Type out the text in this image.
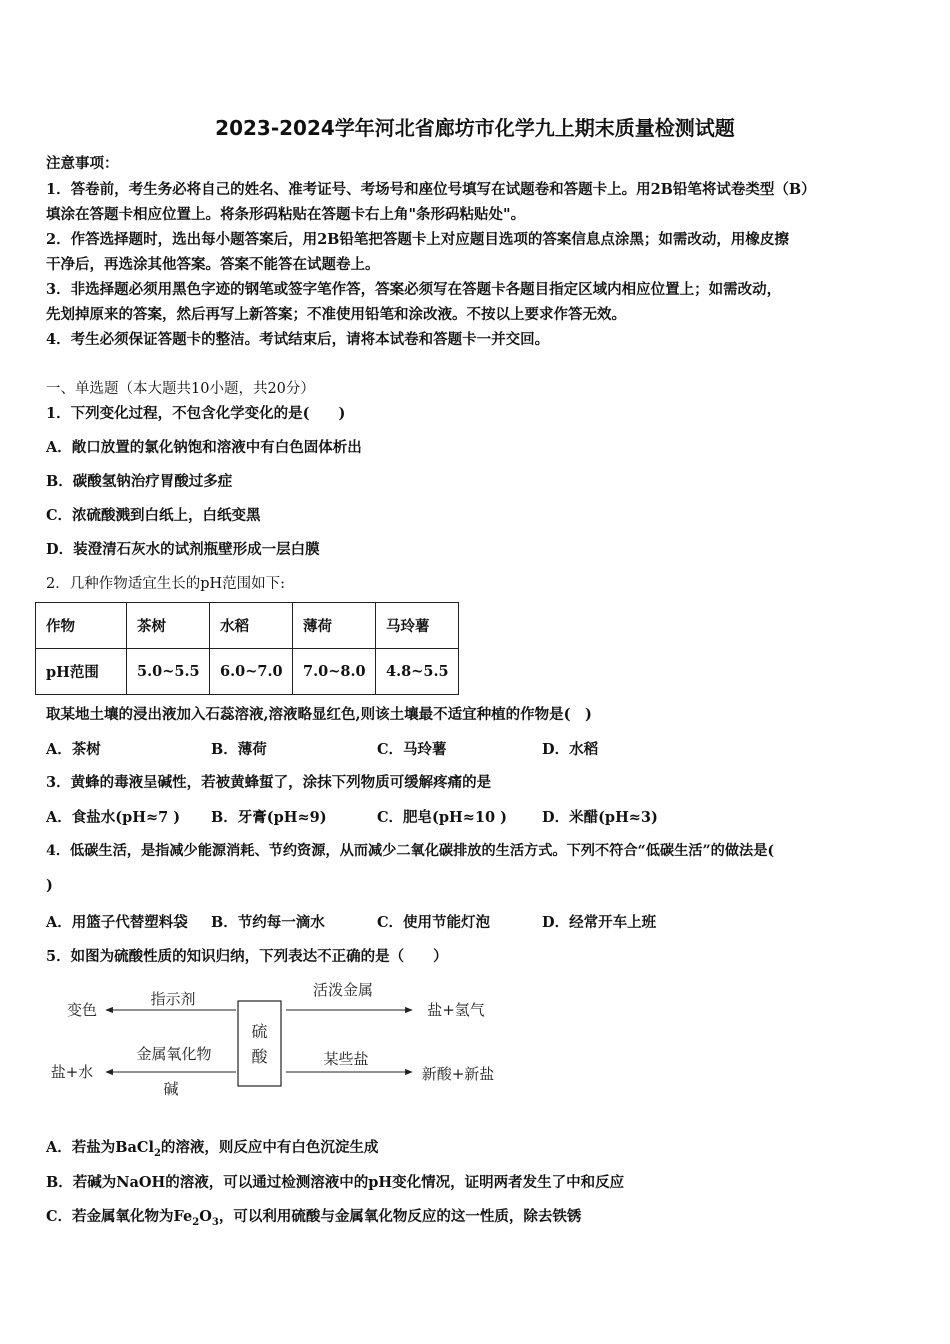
2023-2024学年河北省廊坊市化学九上期末质量检测试题
注意事项：
1．答卷前，考生务必将自己的姓名、准考证号、考场号和座位号填写在试题卷和答题卡上。用2B铅笔将试卷类型（B）
填涂在答题卡相应位置上。将条形码粘贴在答题卡右上角"条形码粘贴处"。
2．作答选择题时，选出每小题答案后，用2B铅笔把答题卡上对应题目选项的答案信息点涂黑；如需改动，用橡皮擦
干净后，再选涂其他答案。答案不能答在试题卷上。
3．非选择题必须用黑色字迹的钢笔或签字笔作答，答案必须写在答题卡各题目指定区域内相应位置上；如需改动，
先划掉原来的答案，然后再写上新答案；不准使用铅笔和涂改液。不按以上要求作答无效。
4．考生必须保证答题卡的整洁。考试结束后，请将本试卷和答题卡一并交回。
一、单选题（本大题共10小题，共20分）
1．下列变化过程，不包含化学变化的是(　　)
A．敞口放置的氯化钠饱和溶液中有白色固体析出
B．碳酸氢钠治疗胃酸过多症
C．浓硫酸溅到白纸上，白纸变黑
D．装澄清石灰水的试剂瓶壁形成一层白膜
2．几种作物适宜生长的pH范围如下:
作物	茶树	水稻	薄荷	马玲薯
pH范围	5.0~5.5	6.0~7.0	7.0~8.0	4.8~5.5
取某地土壤的浸出液加入石蕊溶液,溶液略显红色,则该土壤最不适宜种植的作物是(　)
A．茶树	B．薄荷	C．马玲薯	D．水稻
3．黄蜂的毒液呈碱性，若被黄蜂蜇了，涂抹下列物质可缓解疼痛的是
A．食盐水(pH≈7 ) B．牙膏(pH≈9)	C．肥皂(pH≈10 ) D．米醋(pH≈3)
4．低碳生活，是指减少能源消耗、节约资源，从而减少二氧化碳排放的生活方式。下列不符合“低碳生活”的做法是(
)
A．用篮子代替塑料袋 B．节约每一滴水	C．使用节能灯泡	D．经常开车上班
5．如图为硫酸性质的知识归纳，下列表达不正确的是（　　）
硫
酸
指示剂
变色
活泼金属
盐+氢气
金属氧化物
碱
盐+水
某些盐
新酸+新盐
A．若盐为BaCl$_2$的溶液，则反应中有白色沉淀生成
B．若碱为NaOH的溶液，可以通过检测溶液中的pH变化情况，证明两者发生了中和反应
C．若金属氧化物为$Fe_2O_3$，可以利用硫酸与金属氧化物反应的这一性质，除去铁锈
